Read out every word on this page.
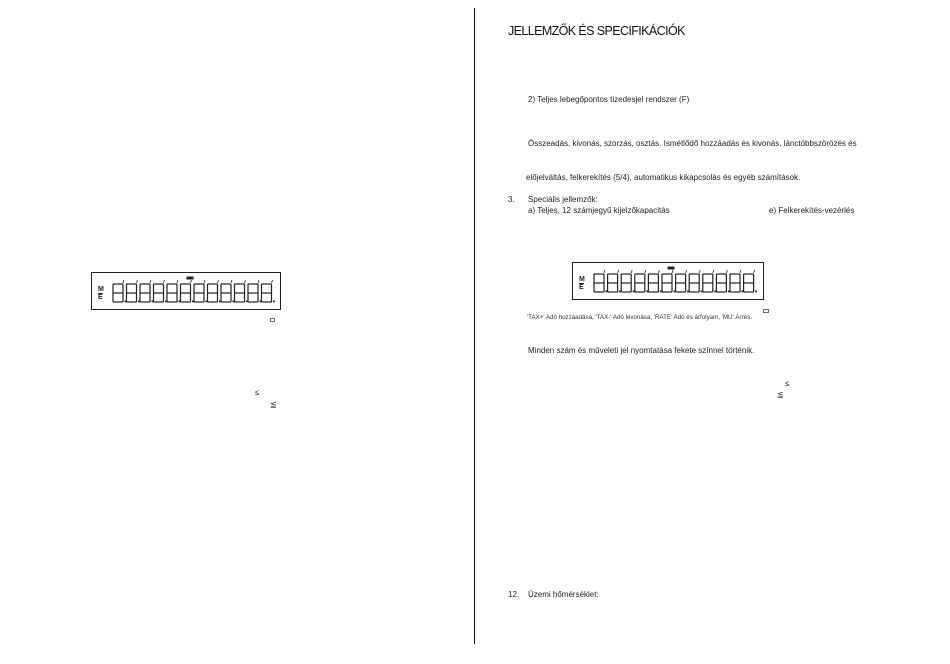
M
$\overline{E}$
≤
≦
JELLEMZŐK ÉS SPECIFIKÁCIÓK
2) Teljes lebegőpontos tizedesjel rendszer (F)
Összeadás, kivonás, szorzás, osztás. Ismétlődő hozzáadás és kivonás, lánctöbbszörözés és
előjelváltás, felkerekítés (5/4), automatikus kikapcsolás és egyéb számítások.
3. Speciális jellemzők:
a) Teljes, 12 számjegyű kijelzőkapacitás	e) Felkerekítés-vezérlés
M
$\overline{E}$
'TAX+' Adó hozzáadása, 'TAX-' Adó levonása, 'RATE' Adó és árfolyam, 'MU' Árrés.
Minden szám és műveleti jel nyomtatása fekete színnel történik.
≤
≦
12. Üzemi hőmérséklet:
